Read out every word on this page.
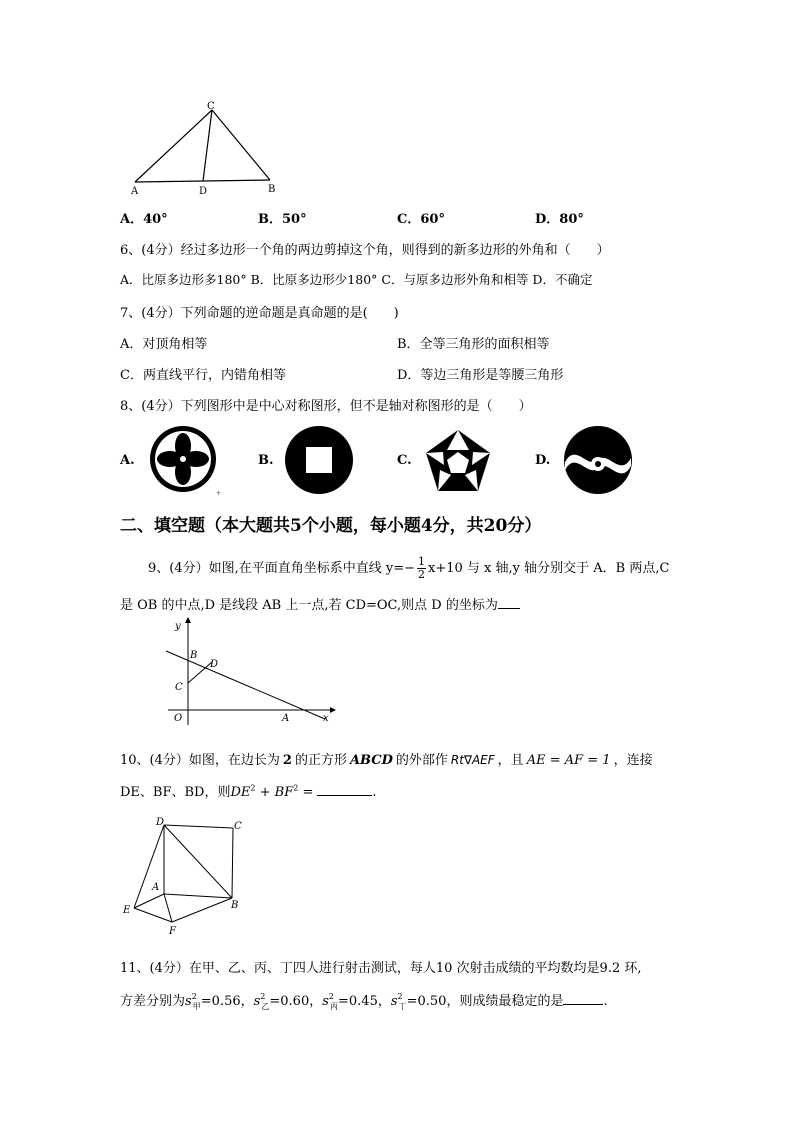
C
A	D	B
A．40°	B．50°	C．60°	D．80°
6、(4分）经过多边形一个角的两边剪掉这个角，则得到的新多边形的外角和（　　）
A．比原多边形多180° B．比原多边形少180° C．与原多边形外角和相等 D．不确定
7、(4分）下列命题的逆命题是真命题的是(　　)
A．对顶角相等	B．全等三角形的面积相等
C．两直线平行，内错角相等	D．等边三角形是等腰三角形
8、(4分）下列图形中是中心对称图形，但不是轴对称图形的是（　　）
A.
+
B.	C.	D.
二、填空题（本大题共5个小题，每小题4分，共20分）
9、(4分）如图,在平面直角坐标系中直线 $y=- \frac{1}{2} x+10$ 与 x 轴,y 轴分别交于 A．B 两点,C
是 OB 的中点,D 是线段 AB 上一点,若 CD=OC,则点 D 的坐标为
y
x
O	A
B
C
D
10、(4分）如图，在边长为 2 的正方形 ABCD 的外部作 Rt∇AEF ，且 AE = AF = 1 ，连接
DE、BF、BD，则$DE^2 + BF^2$ =	.
D	C
A
E	B
F
11、(4分）在甲、乙、丙、丁四人进行射击测试，每人10 次射击成绩的平均数均是9.2 环,
方差分别为$s^2_甲=0.56$，$s^2_乙=0.60$，$s^2_丙=0.45$，$s^2_丁=0.50$，则成绩最稳定的是	.
